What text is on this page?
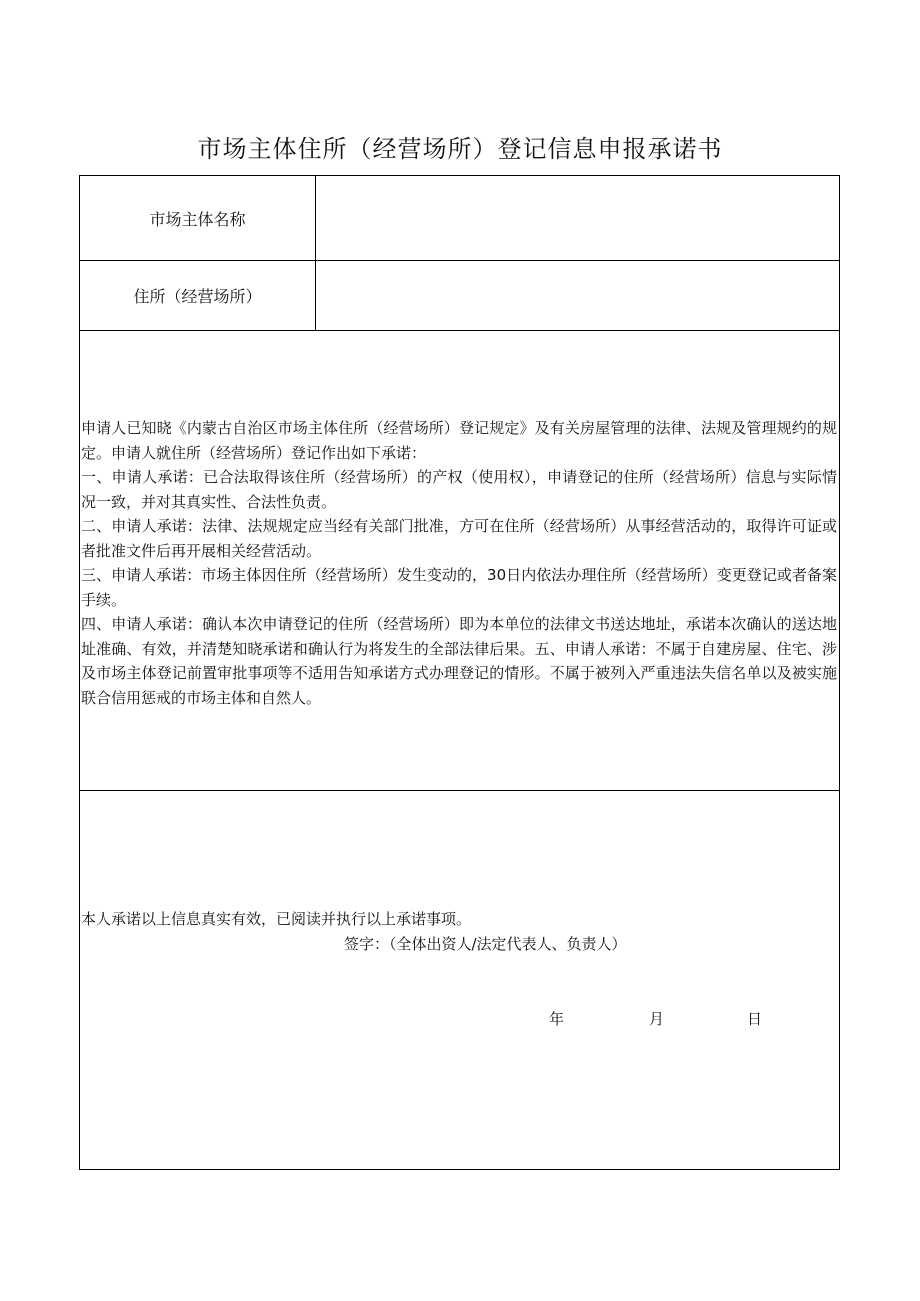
市场主体住所（经营场所）登记信息申报承诺书
市场主体名称
住所（经营场所）

申请人已知晓《内蒙古自治区市场主体住所（经营场所）登记规定》及有关房屋管理的法律、法规及管理规约的规定。申请人就住所（经营场所）登记作出如下承诺：

一、申请人承诺：已合法取得该住所（经营场所）的产权（使用权），申请登记的住所（经营场所）信息与实际情况一致，并对其真实性、合法性负责。

二、申请人承诺：法律、法规规定应当经有关部门批准，方可在住所（经营场所）从事经营活动的，取得许可证或者批准文件后再开展相关经营活动。

三、申请人承诺：市场主体因住所（经营场所）发生变动的，30日内依法办理住所（经营场所）变更登记或者备案手续。

四、申请人承诺：确认本次申请登记的住所（经营场所）即为本单位的法律文书送达地址，承诺本次确认的送达地址准确、有效，并清楚知晓承诺和确认行为将发生的全部法律后果。五、申请人承诺：不属于自建房屋、住宅、涉及市场主体登记前置审批事项等不适用告知承诺方式办理登记的情形。不属于被列入严重违法失信名单以及被实施联合信用惩戒的市场主体和自然人。

本人承诺以上信息真实有效，已阅读并执行以上承诺事项。
签字：（全体出资人/法定代表人、负责人）
年	月	日
